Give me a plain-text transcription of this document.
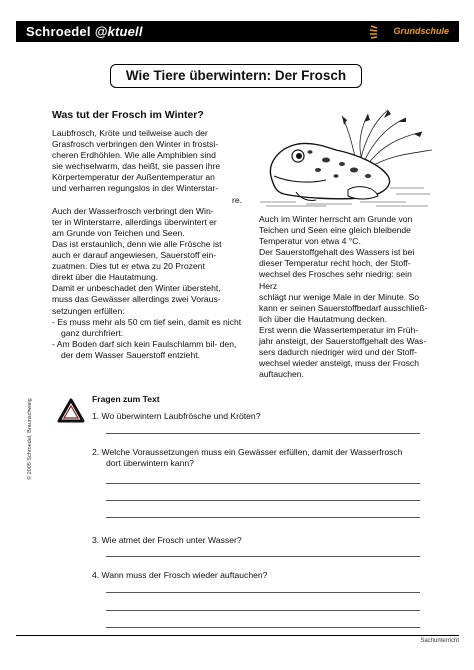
Schroedel @ktuell	Grundschule
Wie Tiere überwintern: Der Frosch
Was tut der Frosch im Winter?

Laubfrosch, Kröte und teilweise auch der

Grasfrosch verbringen den Winter in frostsi-

cheren Erdhöhlen. Wie alle Amphibien sind

sie wechselwarm, das heißt, sie passen ihre

Körpertemperatur der Außentemperatur an

und verharren regungslos in der Winterstar-

re.

Auch der Wasserfrosch verbringt den Win-

ter in Winterstarre, allerdings überwintert er

am Grunde von Teichen und Seen.

Das ist erstaunlich, denn wie alle Frösche ist

auch er darauf angewiesen, Sauerstoff ein-

zuatmen. Dies tut er etwa zu 20 Prozent

direkt über die Hautatmung.

Damit er unbeschadet den Winter übersteht,

muss das Gewässer allerdings zwei Voraus-

setzungen erfüllen:

- Es muss mehr als 50 cm tief sein, damit es nicht ganz durchfriert.
- Am Boden darf sich kein Faulschlamm bil- den, der dem Wasser Sauerstoff entzieht.

Auch im Winter herrscht am Grunde von

Teichen und Seen eine gleich bleibende

Temperatur von etwa 4 °C.

Der Sauerstoffgehalt des Wassers ist bei

dieser Temperatur recht hoch, der Stoff-

wechsel des Frosches sehr niedrig: sein Herz

schlägt nur wenige Male in der Minute. So

kann er seinen Sauerstoffbedarf ausschließ-

lich über die Hautatmung decken.

Erst wenn die Wassertemperatur im Früh-

jahr ansteigt, der Sauerstoffgehalt des Was-

sers dadurch niedriger wird und der Stoff-

wechsel wieder ansteigt, muss der Frosch

auftauchen.

Fragen zum Text
1. Wo überwintern Laubfrösche und Kröten?
2. Welche Voraussetzungen muss ein Gewässer erfüllen, damit der Wasserfrosch
dort überwintern kann?
3. Wie atmet der Frosch unter Wasser?
© 2005 Schroedel, Braunschweig
Sachunterricht
4. Wann muss der Frosch wieder auftauchen?
